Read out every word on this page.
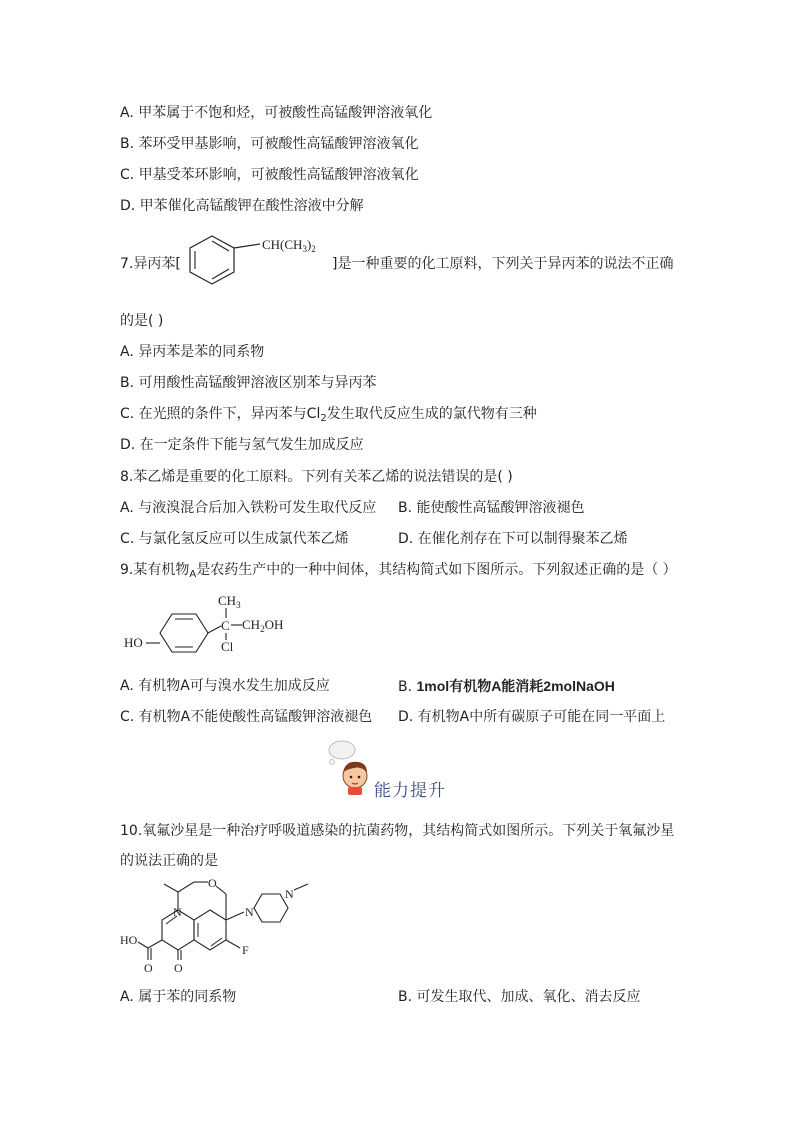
A. 甲苯属于不饱和烃，可被酸性高锰酸钾溶液氧化
B. 苯环受甲基影响，可被酸性高锰酸钾溶液氧化
C. 甲基受苯环影响，可被酸性高锰酸钾溶液氧化
D. 甲苯催化高锰酸钾在酸性溶液中分解
7.异丙苯[
$CH(CH_3)_2$
]是一种重要的化工原料，下列关于异丙苯的说法不正确
的是( )
A. 异丙苯是苯的同系物
B. 可用酸性高锰酸钾溶液区别苯与异丙苯
C. 在光照的条件下，异丙苯与$Cl_2$发生取代反应生成的氯代物有三种
D. 在一定条件下能与氢气发生加成反应
8.苯乙烯是重要的化工原料。下列有关苯乙烯的说法错误的是( )
A. 与液溴混合后加入铁粉可发生取代反应 B. 能使酸性高锰酸钾溶液褪色
C. 与氯化氢反应可以生成氯代苯乙烯	D. 在催化剂存在下可以制得聚苯乙烯
9.某有机物$_A$是农药生产中的一种中间体，其结构简式如下图所示。下列叙述正确的是（ ）
HO
$CH_3$
C $CH_2OH$
Cl
A. 有机物A可与溴水发生加成反应	B. 1mol有机物A能消耗2molNaOH
C. 有机物A不能使酸性高锰酸钾溶液褪色 D. 有机物A中所有碳原子可能在同一平面上
能力提升
10.氧氟沙星是一种治疗呼吸道感染的抗菌药物，其结构简式如图所示。下列关于氧氟沙星
的说法正确的是
O
N	N
N
F
O
O
HO
A. 属于苯的同系物	B. 可发生取代、加成、氧化、消去反应
